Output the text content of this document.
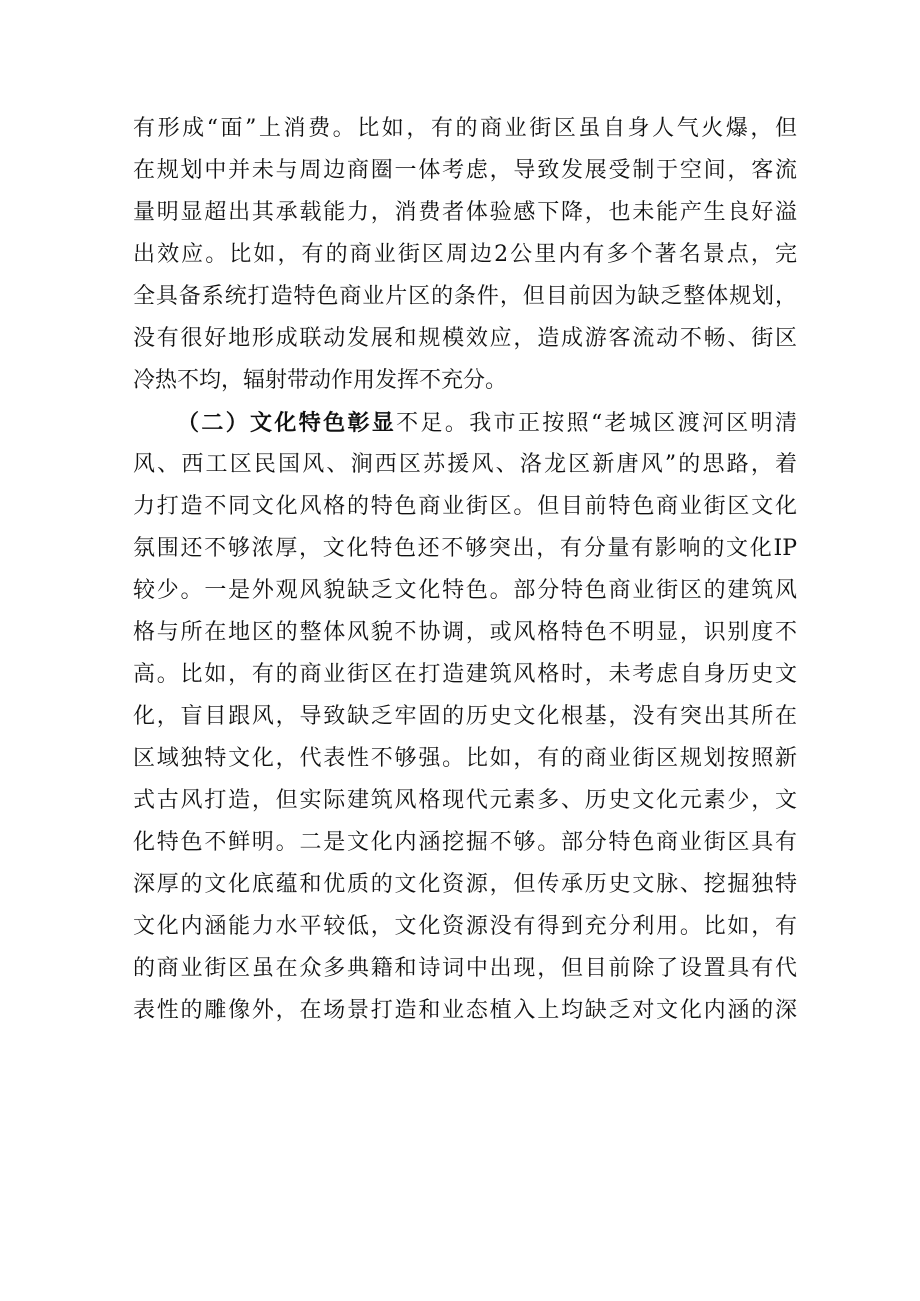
有形成“面”上消费。比如，有的商业街区虽自身人气火爆，但
在规划中并未与周边商圈一体考虑，导致发展受制于空间，客流
量明显超出其承载能力，消费者体验感下降，也未能产生良好溢
出效应。比如，有的商业街区周边2公里内有多个著名景点，完
全具备系统打造特色商业片区的条件，但目前因为缺乏整体规划，
没有很好地形成联动发展和规模效应，造成游客流动不畅、街区
冷热不均，辐射带动作用发挥不充分。
（二）文化特色彰显不足。我市正按照“老城区渡河区明清
风、西工区民国风、涧西区苏援风、洛龙区新唐风”的思路，着
力打造不同文化风格的特色商业街区。但目前特色商业街区文化
氛围还不够浓厚，文化特色还不够突出，有分量有影响的文化IP
较少。一是外观风貌缺乏文化特色。部分特色商业街区的建筑风
格与所在地区的整体风貌不协调，或风格特色不明显，识别度不
高。比如，有的商业街区在打造建筑风格时，未考虑自身历史文
化，盲目跟风，导致缺乏牢固的历史文化根基，没有突出其所在
区域独特文化，代表性不够强。比如，有的商业街区规划按照新
式古风打造，但实际建筑风格现代元素多、历史文化元素少，文
化特色不鲜明。二是文化内涵挖掘不够。部分特色商业街区具有
深厚的文化底蕴和优质的文化资源，但传承历史文脉、挖掘独特
文化内涵能力水平较低，文化资源没有得到充分利用。比如，有
的商业街区虽在众多典籍和诗词中出现，但目前除了设置具有代
表性的雕像外，在场景打造和业态植入上均缺乏对文化内涵的深
